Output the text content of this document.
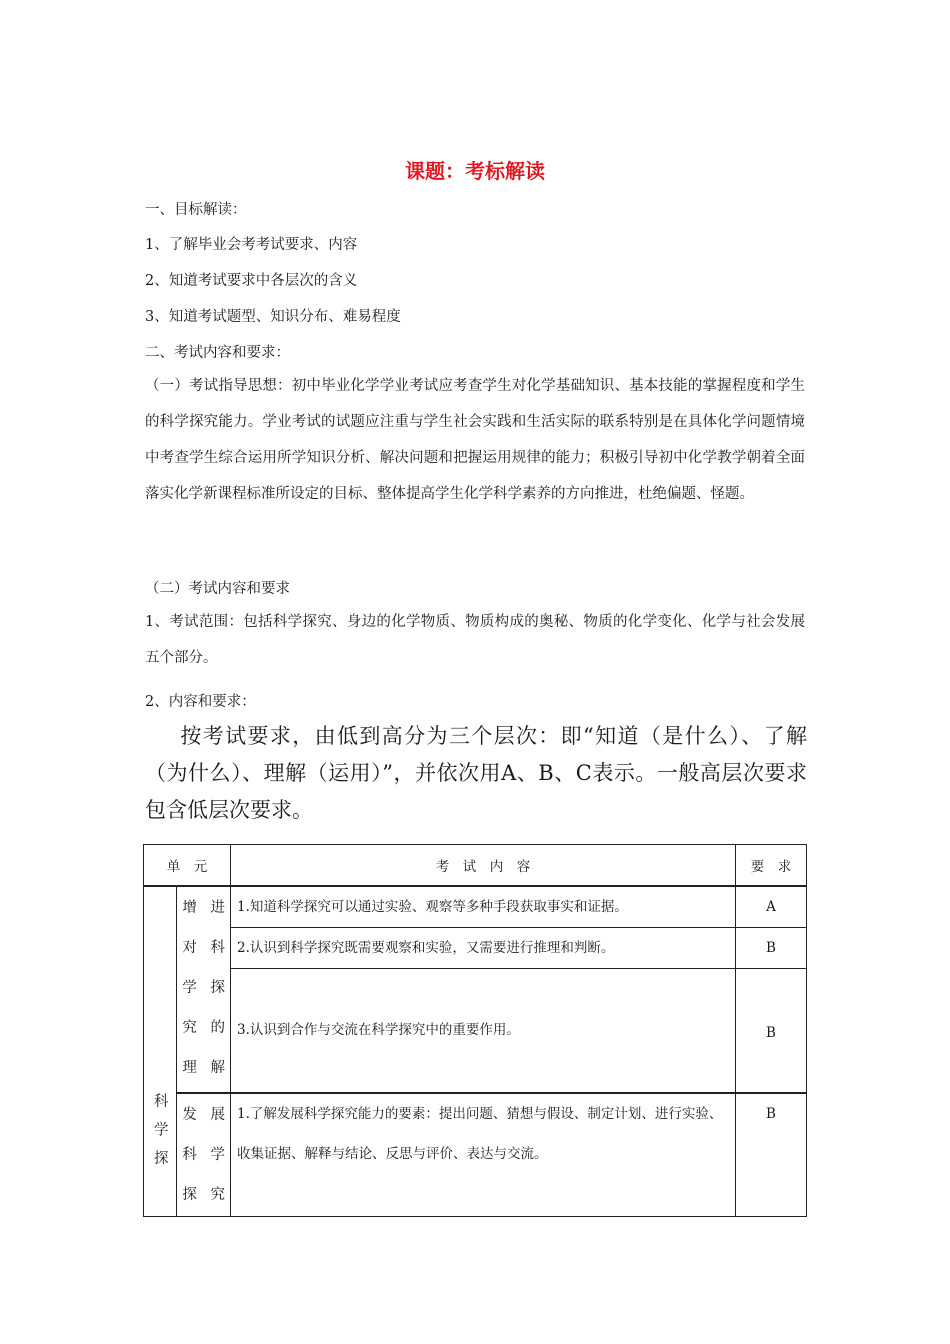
课题：考标解读
一、目标解读：
1、了解毕业会考考试要求、内容
2、知道考试要求中各层次的含义
3、知道考试题型、知识分布、难易程度
二、考试内容和要求：
（一）考试指导思想：初中毕业化学学业考试应考查学生对化学基础知识、基本技能的掌握程度和学生的科学探究能力。学业考试的试题应注重与学生社会实践和生活实际的联系特别是在具体化学问题情境中考查学生综合运用所学知识分析、解决问题和把握运用规律的能力；积极引导初中化学教学朝着全面落实化学新课程标准所设定的目标、整体提高学生化学科学素养的方向推进，杜绝偏题、怪题。
（二）考试内容和要求
1、考试范围：包括科学探究、身边的化学物质、物质构成的奥秘、物质的化学变化、化学与社会发展五个部分。
2、内容和要求：
按考试要求，由低到高分为三个层次：即“知道（是什么）、了解（为什么）、理解（运用）”，并依次用A、B、C表示。一般高层次要求包含低层次要求。
单　元		考　试　内　容	要　求

科学探	增进对科学探究的理解	1.知道科学探究可以通过实验、观察等多种手段获取事实和证据。	A
		2.认识到科学探究既需要观察和实验，又需要进行推理和判断。	B
		3.认识到合作与交流在科学探究中的重要作用。	B

	发展科学探究	1.了解发展科学探究能力的要素：提出问题、猜想与假设、制定计划、进行实验、收集证据、解释与结论、反思与评价、表达与交流。	B
